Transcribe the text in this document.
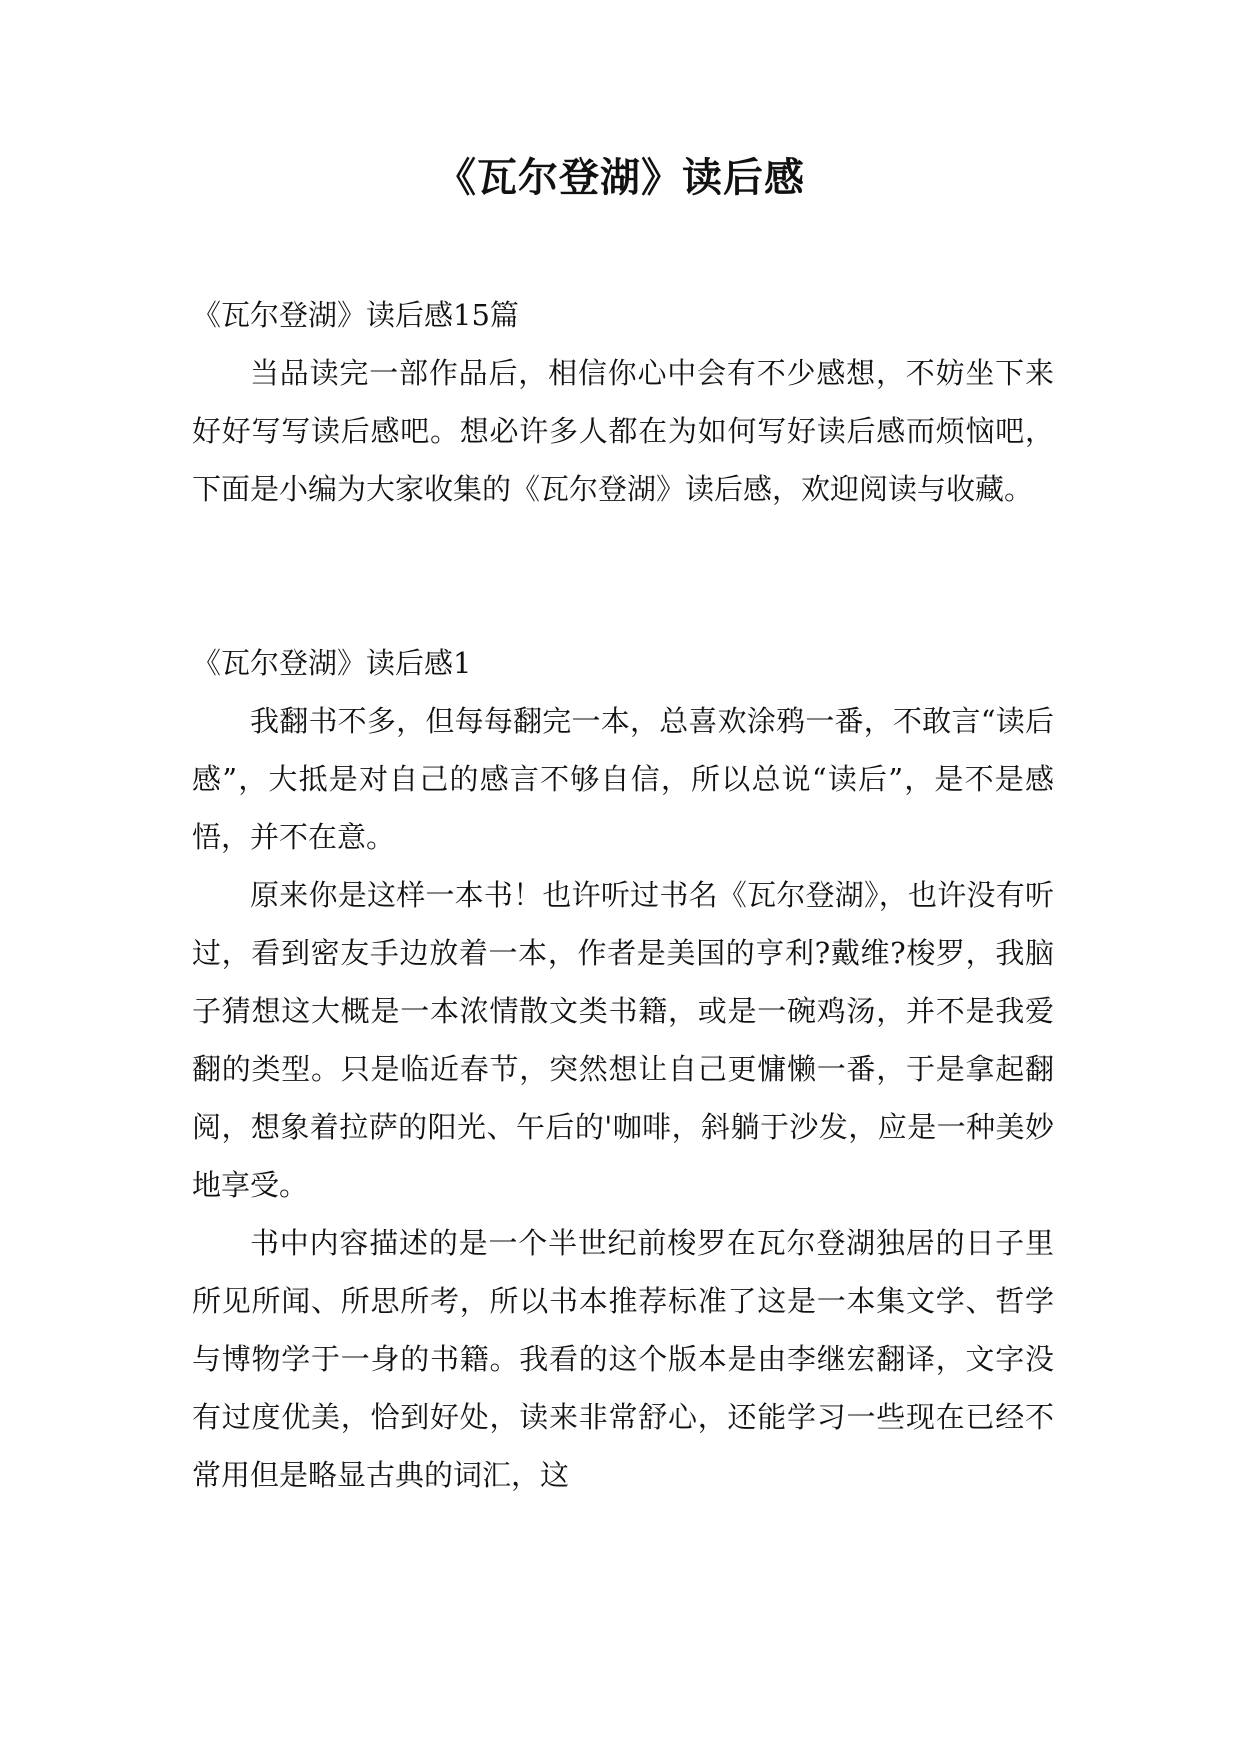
《瓦尔登湖》读后感

《瓦尔登湖》读后感15篇

当品读完一部作品后，相信你心中会有不少感想，不妨坐下来好好写写读后感吧。想必许多人都在为如何写好读后感而烦恼吧，下面是小编为大家收集的《瓦尔登湖》读后感，欢迎阅读与收藏。

《瓦尔登湖》读后感1

我翻书不多，但每每翻完一本，总喜欢涂鸦一番，不敢言“读后感”，大抵是对自己的感言不够自信，所以总说“读后”，是不是感悟，并不在意。

原来你是这样一本书！也许听过书名《瓦尔登湖》，也许没有听过，看到密友手边放着一本，作者是美国的亨利?戴维?梭罗，我脑子猜想这大概是一本浓情散文类书籍，或是一碗鸡汤，并不是我爱翻的类型。只是临近春节，突然想让自己更慵懒一番，于是拿起翻阅，想象着拉萨的阳光、午后的'咖啡，斜躺于沙发，应是一种美妙地享受。

书中内容描述的是一个半世纪前梭罗在瓦尔登湖独居的日子里所见所闻、所思所考，所以书本推荐标准了这是一本集文学、哲学与博物学于一身的书籍。我看的这个版本是由李继宏翻译，文字没有过度优美，恰到好处，读来非常舒心，还能学习一些现在已经不常用但是略显古典的词汇，这
